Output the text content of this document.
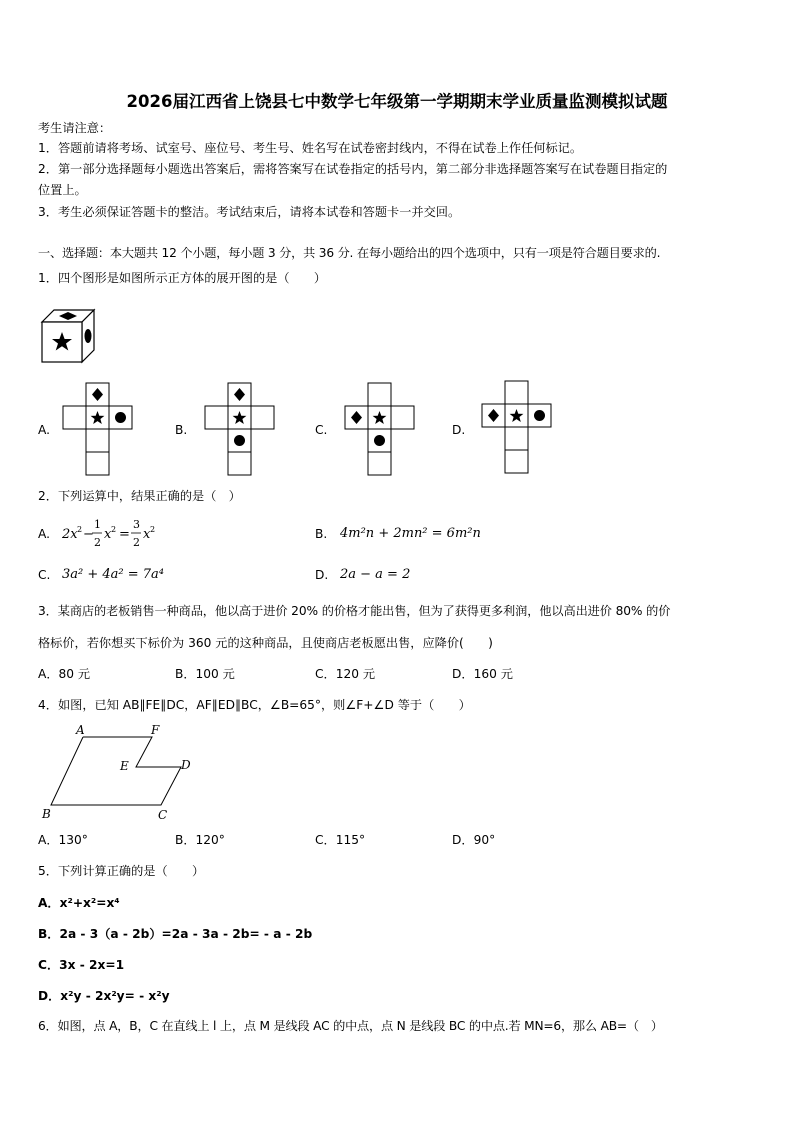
2026届江西省上饶县七中数学七年级第一学期期末学业质量监测模拟试题
考生请注意：
1．答题前请将考场、试室号、座位号、考生号、姓名写在试卷密封线内，不得在试卷上作任何标记。
2．第一部分选择题每小题选出答案后，需将答案写在试卷指定的括号内，第二部分非选择题答案写在试卷题目指定的
位置上。
3．考生必须保证答题卡的整洁。考试结束后，请将本试卷和答题卡一并交回。
一、选择题：本大题共 12 个小题，每小题 3 分，共 36 分. 在每小题给出的四个选项中，只有一项是符合题目要求的.
1．四个图形是如图所示正方体的展开图的是（　　）
A.	B.	C.	D.
2．下列运算中，结果正确的是（　）
A. 2x 2 −
1
2
x 2 =
3
2
x 2	B. 4m²n + 2mn² = 6m²n
C. 3a² + 4a² = 7a⁴	D. 2a − a = 2
3．某商店的老板销售一种商品，他以高于进价 20% 的价格才能出售，但为了获得更多利润，他以高出进价 80% 的价
格标价，若你想买下标价为 360 元的这种商品，且使商店老板愿出售，应降价(　　)
A．80 元	B．100 元	C．120 元	D．160 元
4．如图，已知 AB∥FE∥DC，AF∥ED∥BC，∠B=65°，则∠F+∠D 等于（　　）
A	F
E	D
B	C
A．130°	B．120°	C．115°	D．90°
5．下列计算正确的是（　　）
A．x²+x²=x⁴
B．2a - 3（a - 2b）=2a - 3a - 2b= - a - 2b
C．3x - 2x=1
D．x²y - 2x²y= - x²y
6．如图，点 A，B，C 在直线上 l 上，点 M 是线段 AC 的中点，点 N 是线段 BC 的中点.若 MN=6，那么 AB=（　）
